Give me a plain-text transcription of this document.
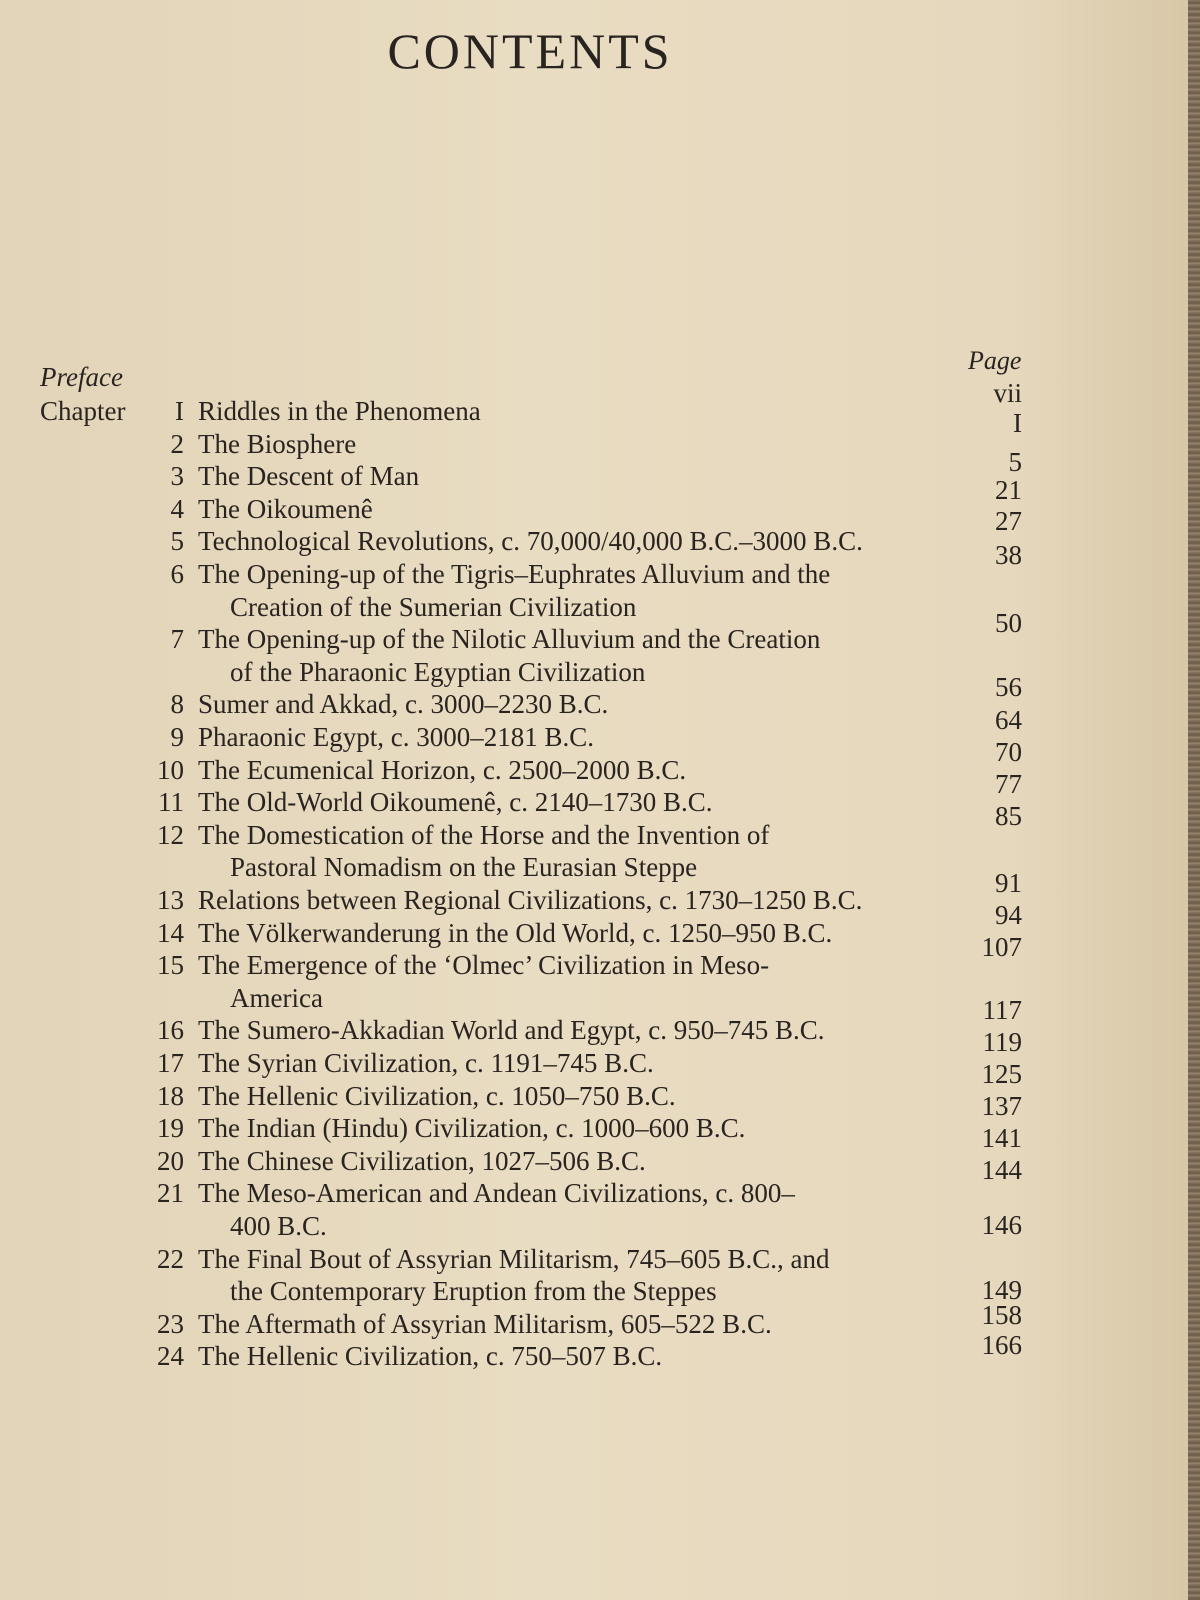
CONTENTS
Page
Preface
vii
Chapter	I Riddles in the Phenomena
2 The Biosphere
3 The Descent of Man
4 The Oikoumenê
5 Technological Revolutions, c. 70,000/40,000 B.C.–3000 B.C.
6 The Opening-up of the Tigris–Euphrates Alluvium and the
Creation of the Sumerian Civilization
7 The Opening-up of the Nilotic Alluvium and the Creation
of the Pharaonic Egyptian Civilization
8 Sumer and Akkad, c. 3000–2230 B.C.
9 Pharaonic Egypt, c. 3000–2181 B.C.
10 The Ecumenical Horizon, c. 2500–2000 B.C.
11 The Old-World Oikoumenê, c. 2140–1730 B.C.
12 The Domestication of the Horse and the Invention of
Pastoral Nomadism on the Eurasian Steppe
13 Relations between Regional Civilizations, c. 1730–1250 B.C.
14 The Völkerwanderung in the Old World, c. 1250–950 B.C.
15 The Emergence of the ‘Olmec’ Civilization in Meso-
America
16 The Sumero-Akkadian World and Egypt, c. 950–745 B.C.
17 The Syrian Civilization, c. 1191–745 B.C.
18 The Hellenic Civilization, c. 1050–750 B.C.
19 The Indian (Hindu) Civilization, c. 1000–600 B.C.
20 The Chinese Civilization, 1027–506 B.C.
21 The Meso-American and Andean Civilizations, c. 800–
400 B.C.
22 The Final Bout of Assyrian Militarism, 745–605 B.C., and
the Contemporary Eruption from the Steppes
23 The Aftermath of Assyrian Militarism, 605–522 B.C.
24 The Hellenic Civilization, c. 750–507 B.C.
I
5
21
27
38
50
56
64
70
77
85
91
94
107
117
119
125
137
141
144
146
149
158
166
